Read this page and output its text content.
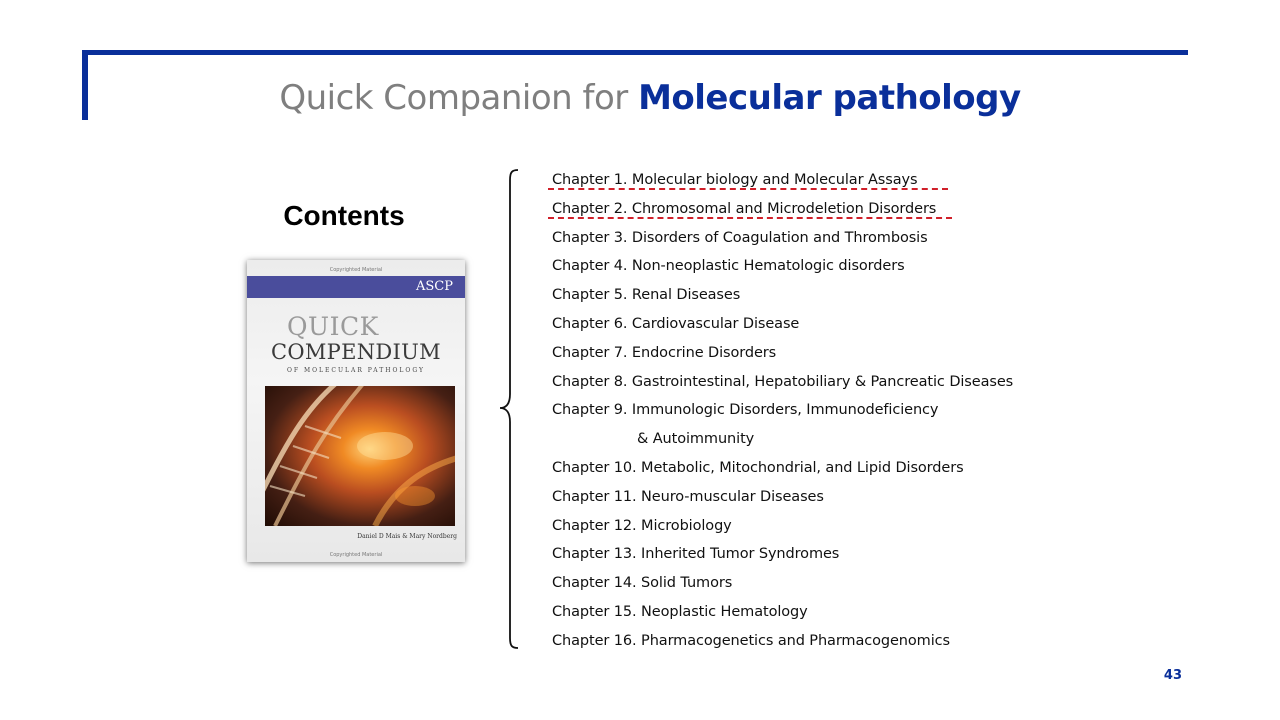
Quick Companion for Molecular pathology
Contents
Copyrighted Material
ASCP
QUICK
COMPENDIUM
OF MOLECULAR PATHOLOGY
Daniel D Mais & Mary Nordberg
Copyrighted Material
Chapter 1. Molecular biology and Molecular Assays
Chapter 2. Chromosomal and Microdeletion Disorders
Chapter 3. Disorders of Coagulation and Thrombosis
Chapter 4. Non-neoplastic Hematologic disorders
Chapter 5. Renal Diseases
Chapter 6. Cardiovascular Disease
Chapter 7. Endocrine Disorders
Chapter 8. Gastrointestinal, Hepatobiliary & Pancreatic Diseases
Chapter 9. Immunologic Disorders, Immunodeficiency
& Autoimmunity
Chapter 10. Metabolic, Mitochondrial, and Lipid Disorders
Chapter 11. Neuro-muscular Diseases
Chapter 12. Microbiology
Chapter 13. Inherited Tumor Syndromes
Chapter 14. Solid Tumors
Chapter 15. Neoplastic Hematology
Chapter 16. Pharmacogenetics and Pharmacogenomics
43
